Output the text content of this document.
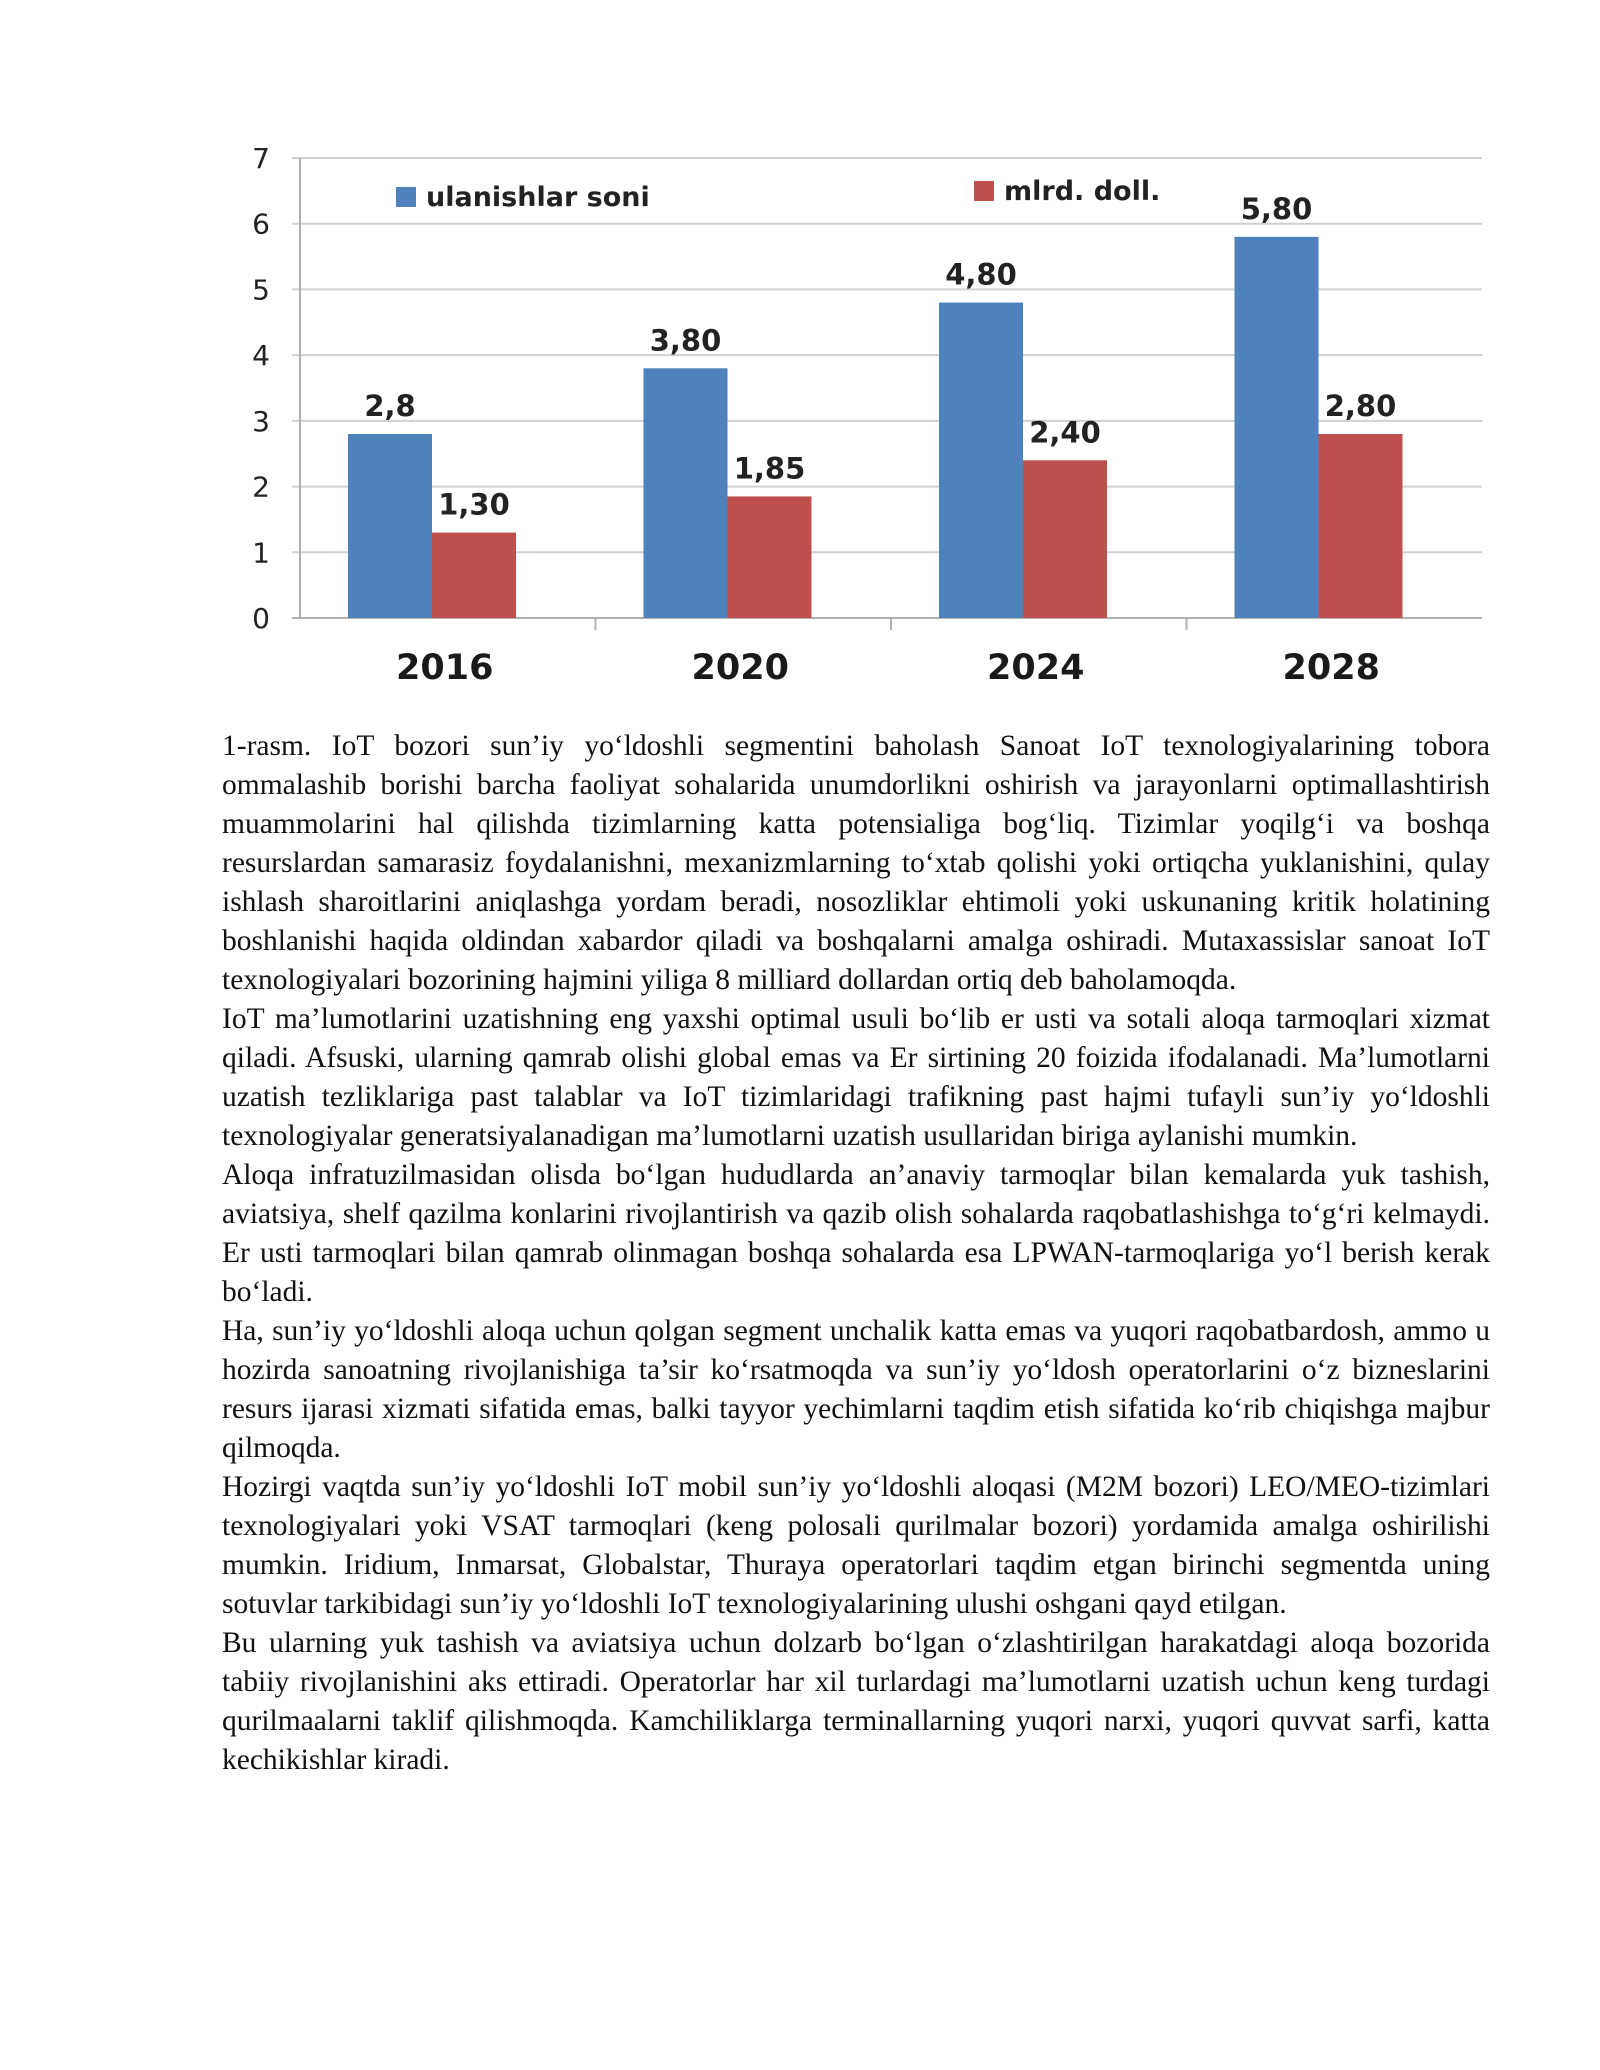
0
1
2
3
4
5
6
7
2,8
1,30
2016
3,80
1,85
2020
4,80
2,40
2024
5,80
2,80
2028
ulanishlar soni	mlrd. doll.

1-rasm. IoT bozori sun’iy yo‘ldoshli segmentini baholash Sanoat IoT texnologiyalarining tobora ommalashib borishi barcha faoliyat sohalarida unumdorlikni oshirish va jarayonlarni optimallashtirish muammolarini hal qilishda tizimlarning katta potensialiga bog‘liq. Tizimlar yoqilg‘i va boshqa resurslardan samarasiz foydalanishni, mexanizmlarning to‘xtab qolishi yoki ortiqcha yuklanishini, qulay ishlash sharoitlarini aniqlashga yordam beradi, nosozliklar ehtimoli yoki uskunaning kritik holatining boshlanishi haqida oldindan xabardor qiladi va boshqalarni amalga oshiradi. Mutaxassislar sanoat IoT texnologiyalari bozorining hajmini yiliga 8 milliard dollardan ortiq deb baholamoqda.

IoT ma’lumotlarini uzatishning eng yaxshi optimal usuli bo‘lib er usti va sotali aloqa tarmoqlari xizmat qiladi. Afsuski, ularning qamrab olishi global emas va Er sirtining 20 foizida ifodalanadi. Ma’lumotlarni uzatish tezliklariga past talablar va IoT tizimlaridagi trafikning past hajmi tufayli sun’iy yo‘ldoshli texnologiyalar generatsiyalanadigan ma’lumotlarni uzatish usullaridan biriga aylanishi mumkin.

Aloqa infratuzilmasidan olisda bo‘lgan hududlarda an’anaviy tarmoqlar bilan kemalarda yuk tashish, aviatsiya, shelf qazilma konlarini rivojlantirish va qazib olish sohalarda raqobatlashishga to‘g‘ri kelmaydi. Er usti tarmoqlari bilan qamrab olinmagan boshqa sohalarda esa LPWAN-tarmoqlariga yo‘l berish kerak bo‘ladi.

Ha, sun’iy yo‘ldoshli aloqa uchun qolgan segment unchalik katta emas va yuqori raqobatbardosh, ammo u hozirda sanoatning rivojlanishiga ta’sir ko‘rsatmoqda va sun’iy yo‘ldosh operatorlarini o‘z bizneslarini resurs ijarasi xizmati sifatida emas, balki tayyor yechimlarni taqdim etish sifatida ko‘rib chiqishga majbur qilmoqda.

Hozirgi vaqtda sun’iy yo‘ldoshli IoT mobil sun’iy yo‘ldoshli aloqasi (M2M bozori) LEO/MEO-tizimlari texnologiyalari yoki VSAT tarmoqlari (keng polosali qurilmalar bozori) yordamida amalga oshirilishi mumkin. Iridium, Inmarsat, Globalstar, Thuraya operatorlari taqdim etgan birinchi segmentda uning sotuvlar tarkibidagi sun’iy yo‘ldoshli IoT texnologiyalarining ulushi oshgani qayd etilgan.

Bu ularning yuk tashish va aviatsiya uchun dolzarb bo‘lgan o‘zlashtirilgan harakatdagi aloqa bozorida tabiiy rivojlanishini aks ettiradi. Operatorlar har xil turlardagi ma’lumotlarni uzatish uchun keng turdagi qurilmaalarni taklif qilishmoqda. Kamchiliklarga terminallarning yuqori narxi, yuqori quvvat sarfi, katta kechikishlar kiradi.
